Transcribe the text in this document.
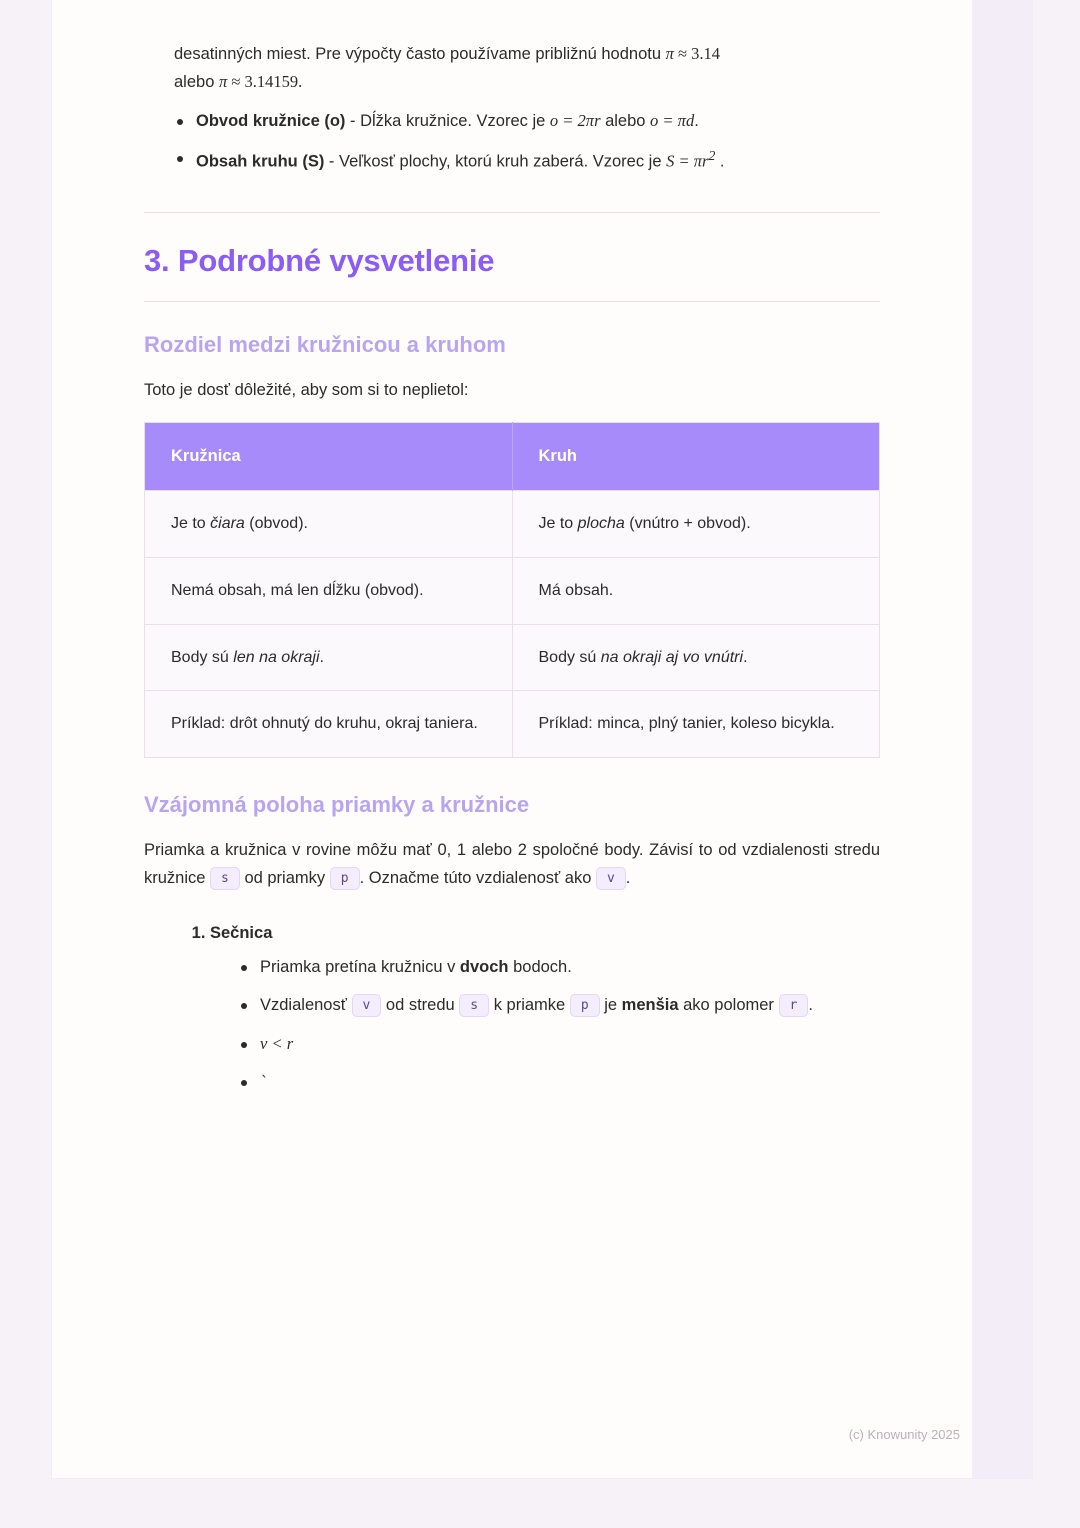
desatinných miest. Pre výpočty často používame približnú hodnotu π ≈ 3.14
alebo π ≈ 3.14159.

Obvod kružnice (o) - Dĺžka kružnice. Vzorec je o = 2πr alebo o = πd.
Obsah kruhu (S) - Veľkosť plochy, ktorú kruh zaberá. Vzorec je $S = \pi r^2$ .
3. Podrobné vysvetlenie
Rozdiel medzi kružnicou a kruhom

Toto je dosť dôležité, aby som si to neplietol:

Kružnica	Kruh
Je to čiara (obvod).	Je to plocha (vnútro + obvod).
Nemá obsah, má len dĺžku (obvod).	Má obsah.
Body sú len na okraji.	Body sú na okraji aj vo vnútri.
Príklad: drôt ohnutý do kruhu, okraj taniera.	Príklad: minca, plný tanier, koleso bicykla.
Vzájomná poloha priamky a kružnice

Priamka a kružnica v rovine môžu mať 0, 1 alebo 2 spoločné body. Závisí to od vzdialenosti stredu kružnice s od priamky p . Označme túto vzdialenosť ako v .

1. Sečnica
Priamka pretína kružnicu v dvoch bodoch.
Vzdialenosť v od stredu s k priamke p je menšia ako polomer r .
v < r
`
(c) Knowunity 2025
